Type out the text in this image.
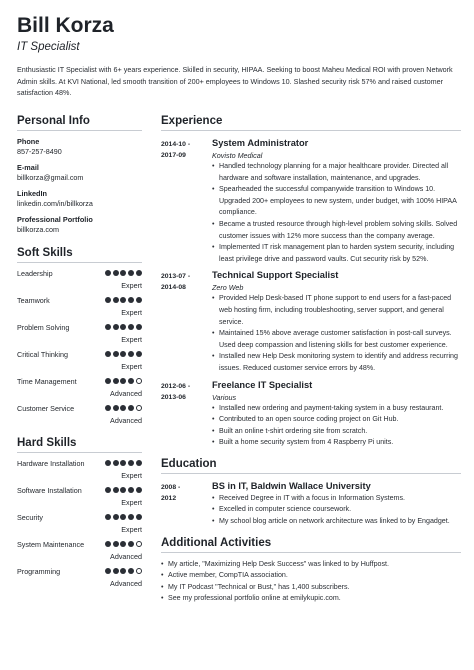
Bill Korza
IT Specialist
Enthusiastic IT Specialist with 6+ years experience. Skilled in security, HIPAA. Seeking to boost Maheu Medical ROI with proven Network Admin skills. At KVI National, led smooth transition of 200+ employees to Windows 10. Slashed security risk 57% and raised customer satisfaction 48%.
Personal Info
Phone
857-257-8490
E-mail
billkorza@gmail.com
LinkedIn
linkedin.com/in/billkorza
Professional Portfolio
billkorza.com
Soft Skills
Leadership
Expert
Teamwork
Expert
Problem Solving
Expert
Critical Thinking
Expert
Time Management
Advanced
Customer Service
Advanced
Hard Skills
Hardware Installation
Expert
Software Installation
Expert
Security
Expert
System Maintenance
Advanced
Programming
Advanced
Experience
2014-10 -
2017-09
System Administrator
Kovisto Medical
• Handled technology planning for a major healthcare provider. Directed all hardware and software installation, maintenance, and upgrades.
• Spearheaded the successful companywide transition to Windows 10. Upgraded 200+ employees to new system, under budget, with 100% HIPAA compliance.
• Became a trusted resource through high-level problem solving skills. Solved customer issues with 12% more success than the company average.
• Implemented IT risk management plan to harden system security, including least privilege drive and password vaults. Cut security risk by 52%.
2013-07 -
2014-08
Technical Support Specialist
Zero Web
• Provided Help Desk-based IT phone support to end users for a fast-paced web hosting firm, including troubleshooting, server support, and general service.
• Maintained 15% above average customer satisfaction in post-call surveys. Used deep compassion and listening skills for best customer experience.
• Installed new Help Desk monitoring system to identify and address recurring issues. Reduced customer service errors by 48%.
2012-06 -
2013-06
Freelance IT Specialist
Various
• Installed new ordering and payment-taking system in a busy restaurant.
• Contributed to an open source coding project on Git Hub.
• Built an online t-shirt ordering site from scratch.
• Built a home security system from 4 Raspberry Pi units.
Education
2008 -
2012
BS in IT, Baldwin Wallace University
• Received Degree in IT with a focus in Information Systems.
• Excelled in computer science coursework.
• My school blog article on network architecture was linked to by Engadget.
Additional Activities
• My article, "Maximizing Help Desk Success" was linked to by Huffpost.
• Active member, CompTIA association.
• My IT Podcast "Technical or Bust," has 1,400 subscribers.
• See my professional portfolio online at emilykupic.com.
